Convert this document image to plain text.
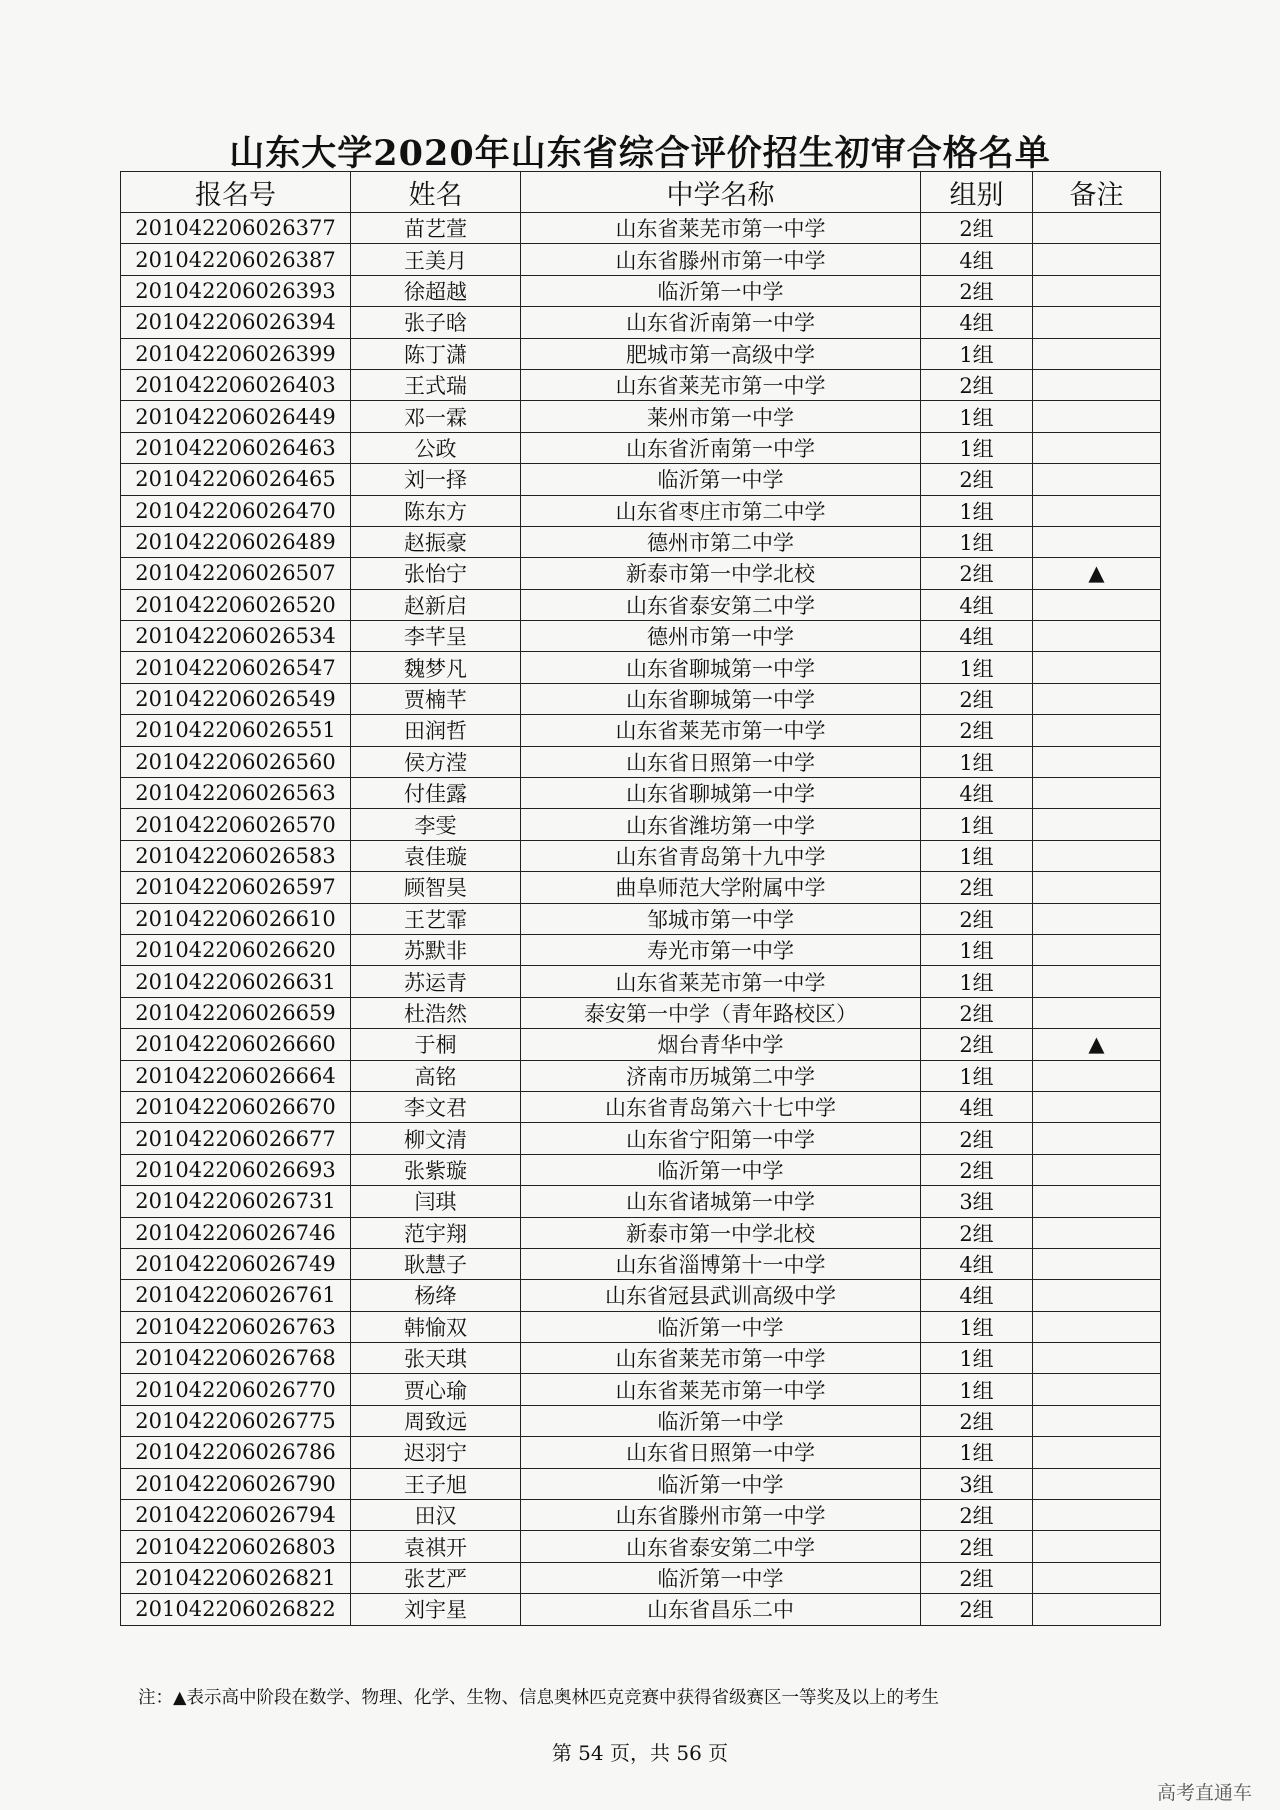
山东大学2020年山东省综合评价招生初审合格名单
报名号	姓名	中学名称	组别	备注
201042206026377	苗艺萱	山东省莱芜市第一中学	2组	
201042206026387	王美月	山东省滕州市第一中学	4组	
201042206026393	徐超越	临沂第一中学	2组	
201042206026394	张子晗	山东省沂南第一中学	4组	
201042206026399	陈丁潇	肥城市第一高级中学	1组	
201042206026403	王式瑞	山东省莱芜市第一中学	2组	
201042206026449	邓一霖	莱州市第一中学	1组	
201042206026463	公政	山东省沂南第一中学	1组	
201042206026465	刘一择	临沂第一中学	2组	
201042206026470	陈东方	山东省枣庄市第二中学	1组	
201042206026489	赵振豪	德州市第二中学	1组	
201042206026507	张怡宁	新泰市第一中学北校	2组	▲
201042206026520	赵新启	山东省泰安第二中学	4组	
201042206026534	李芊呈	德州市第一中学	4组	
201042206026547	魏梦凡	山东省聊城第一中学	1组	
201042206026549	贾楠芊	山东省聊城第一中学	2组	
201042206026551	田润哲	山东省莱芜市第一中学	2组	
201042206026560	侯方滢	山东省日照第一中学	1组	
201042206026563	付佳露	山东省聊城第一中学	4组	
201042206026570	李雯	山东省潍坊第一中学	1组	
201042206026583	袁佳璇	山东省青岛第十九中学	1组	
201042206026597	顾智昊	曲阜师范大学附属中学	2组	
201042206026610	王艺霏	邹城市第一中学	2组	
201042206026620	苏默非	寿光市第一中学	1组	
201042206026631	苏运青	山东省莱芜市第一中学	1组	
201042206026659	杜浩然	泰安第一中学（青年路校区）	2组	
201042206026660	于桐	烟台青华中学	2组	▲
201042206026664	高铭	济南市历城第二中学	1组	
201042206026670	李文君	山东省青岛第六十七中学	4组	
201042206026677	柳文清	山东省宁阳第一中学	2组	
201042206026693	张紫璇	临沂第一中学	2组	
201042206026731	闫琪	山东省诸城第一中学	3组	
201042206026746	范宇翔	新泰市第一中学北校	2组	
201042206026749	耿慧子	山东省淄博第十一中学	4组	
201042206026761	杨绛	山东省冠县武训高级中学	4组	
201042206026763	韩愉双	临沂第一中学	1组	
201042206026768	张天琪	山东省莱芜市第一中学	1组	
201042206026770	贾心瑜	山东省莱芜市第一中学	1组	
201042206026775	周致远	临沂第一中学	2组	
201042206026786	迟羽宁	山东省日照第一中学	1组	
201042206026790	王子旭	临沂第一中学	3组	
201042206026794	田汉	山东省滕州市第一中学	2组	
201042206026803	袁祺开	山东省泰安第二中学	2组	
201042206026821	张艺严	临沂第一中学	2组	
201042206026822	刘宇星	山东省昌乐二中	2组	
注：▲表示高中阶段在数学、物理、化学、生物、信息奥林匹克竞赛中获得省级赛区一等奖及以上的考生
第 54 页，共 56 页
高考直通车
